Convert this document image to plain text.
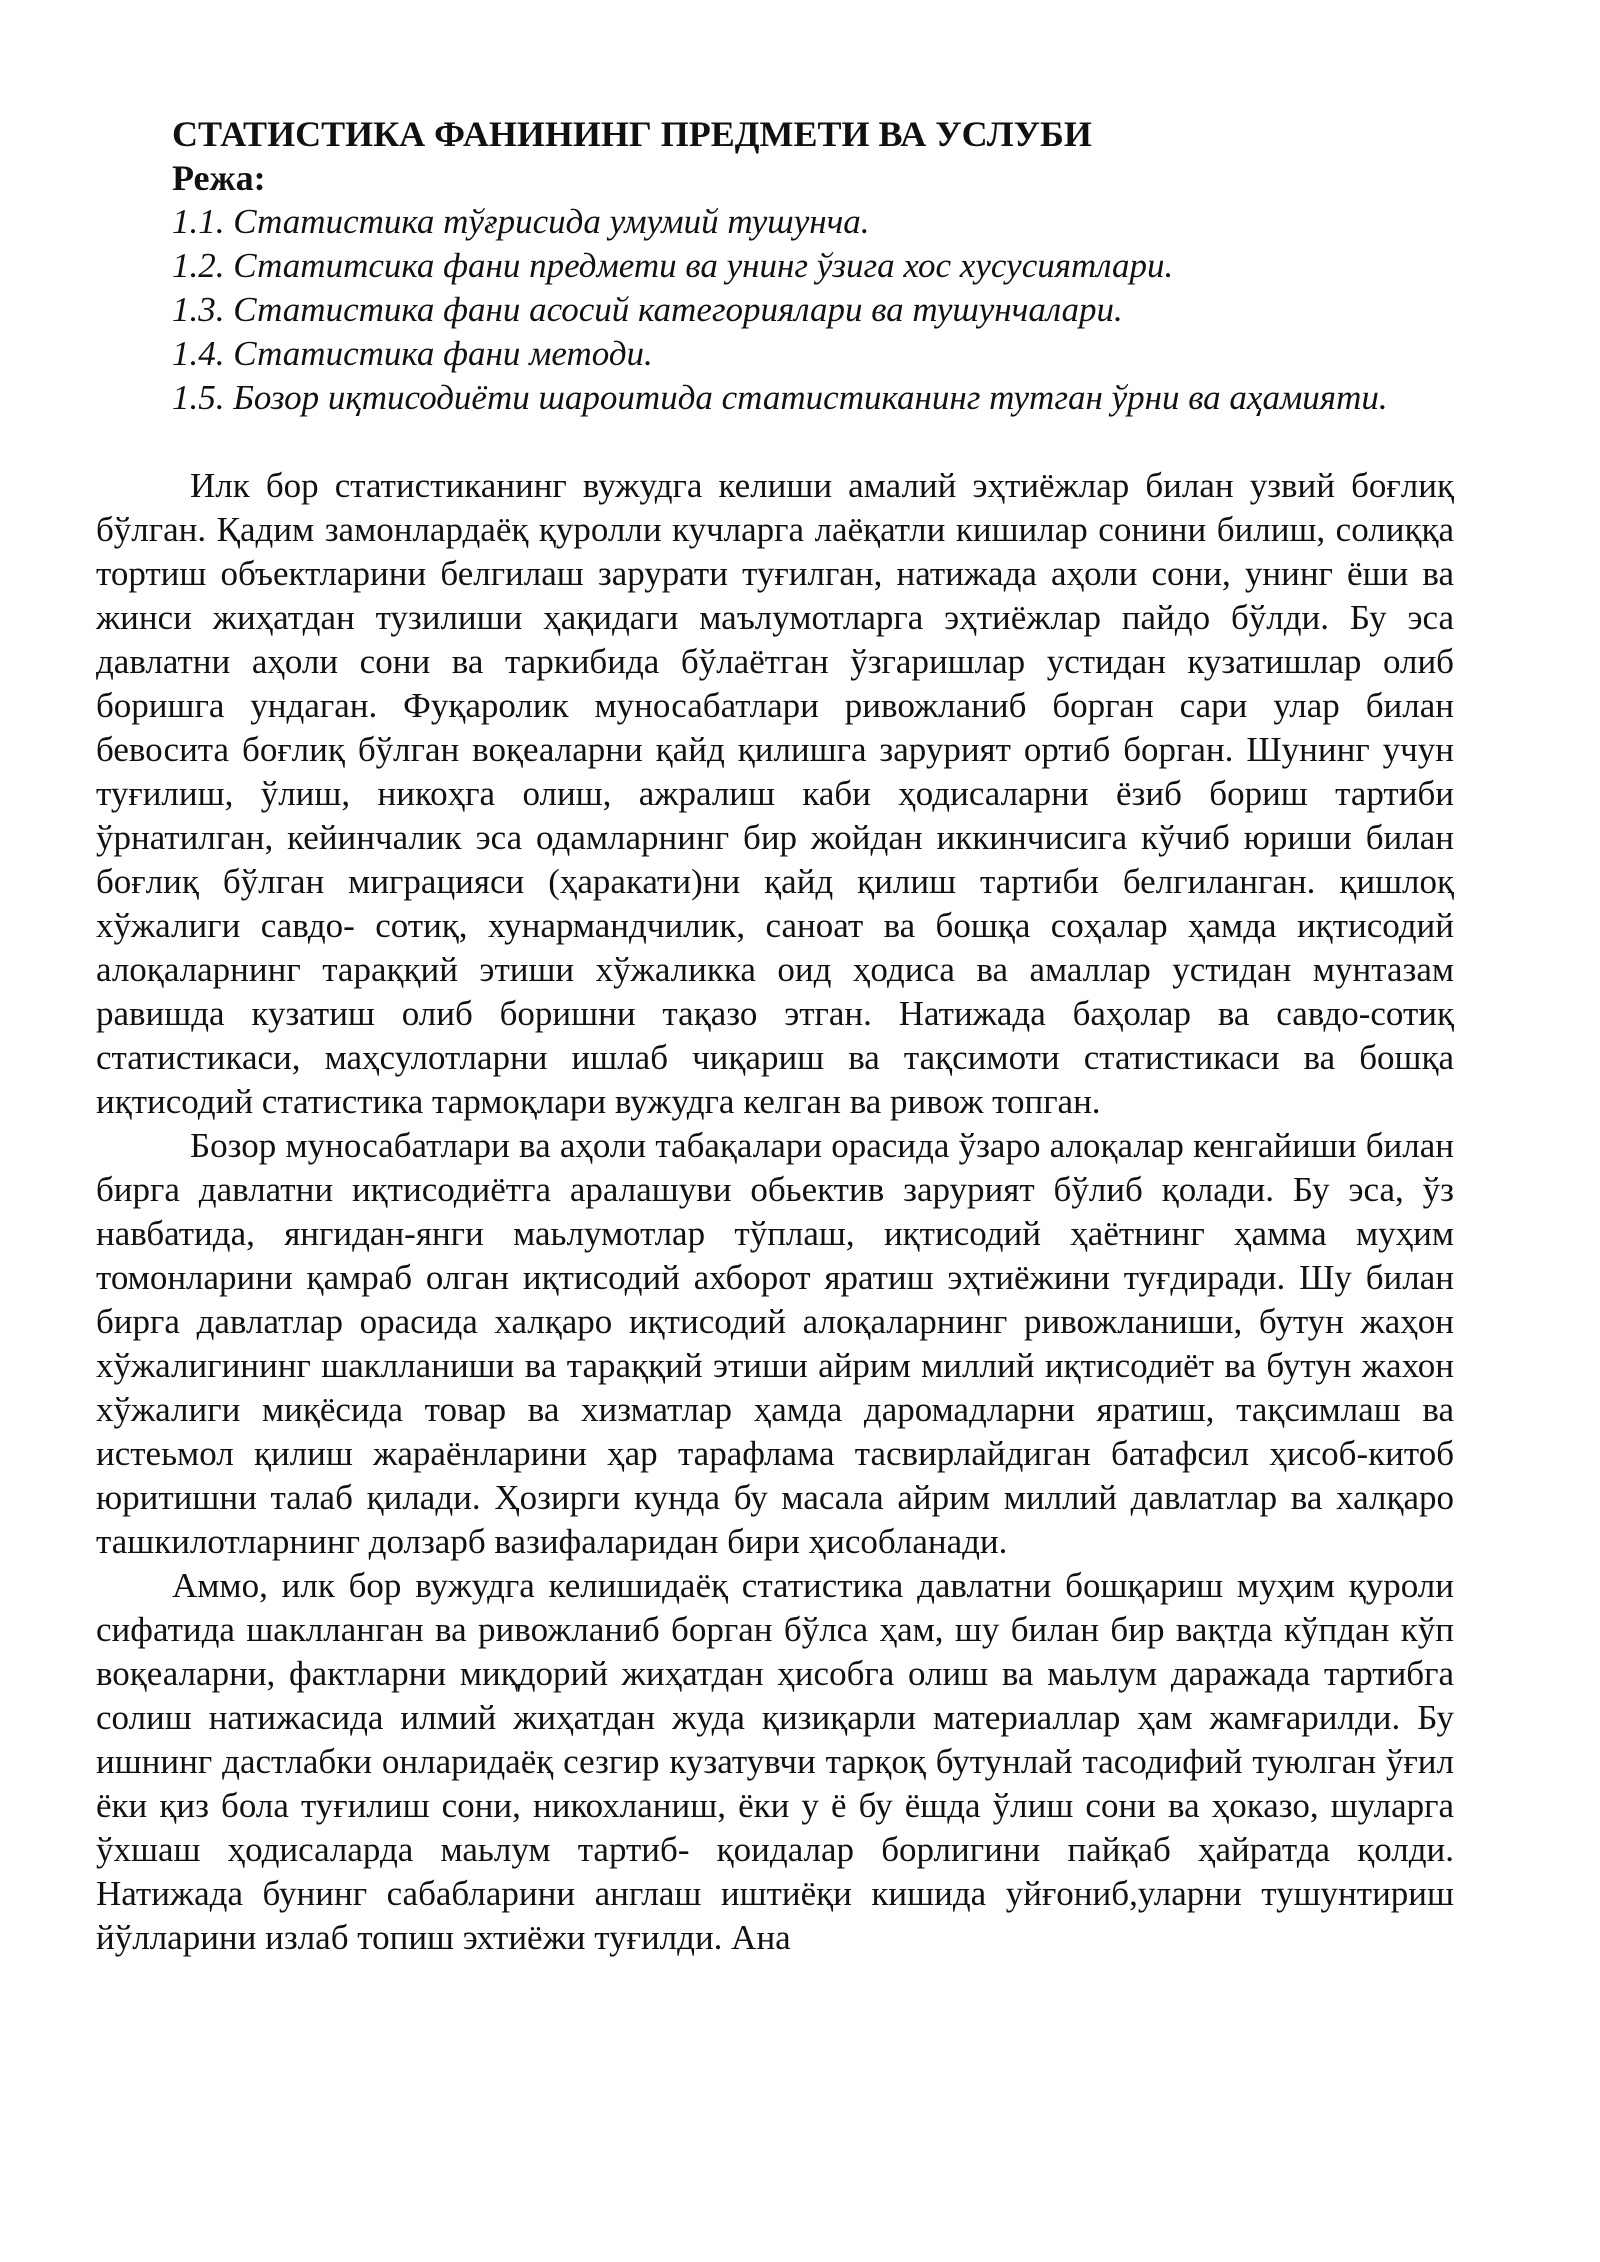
СТАТИСТИКА ФАНИНИНГ ПРЕДМЕТИ ВА УСЛУБИ
Режа:
1.1. Статистика тўғрисида умумий тушунча.
1.2. Статитсика фани предмети ва унинг ўзига хос хусусиятлари.
1.3. Статистика фани асосий категориялари ва тушунчалари.
1.4. Статистика фани методи.
1.5. Бозор иқтисодиёти шароитида статистиканинг тутган ўрни ва аҳамияти.

Илк бор статистиканинг вужудга келиши амалий эҳтиёжлар билан узвий боғлиқ бўлган. Қадим замонлардаёқ қуролли кучларга лаёқатли кишилар сонини билиш, солиққа тортиш объектларини белгилаш зарурати туғилган, натижада аҳоли сони, унинг ёши ва жинси жиҳатдан тузилиши ҳақидаги маълумотларга эҳтиёжлар пайдо бўлди. Бу эса давлатни аҳоли сони ва таркибида бўлаётган ўзгаришлар устидан кузатишлар олиб боришга ундаган. Фуқаролик муносабатлари ривожланиб борган сари улар билан бевосита боғлиқ бўлган воқеаларни қайд қилишга зарурият ортиб борган. Шунинг учун туғилиш, ўлиш, никоҳга олиш, ажралиш каби ҳодисаларни ёзиб бориш тартиби ўрнатилган, кейинчалик эса одамларнинг бир жойдан иккинчисига кўчиб юриши билан боғлиқ бўлган миграцияси (ҳаракати)ни қайд қилиш тартиби белгиланган. қишлоқ хўжалиги савдо- сотиқ, хунармандчилик, саноат ва бошқа соҳалар ҳамда иқтисодий алоқаларнинг тараққий этиши хўжаликка оид ҳодиса ва амаллар устидан мунтазам равишда кузатиш олиб боришни тақазо этган. Натижада баҳолар ва савдо-сотиқ статистикаси, маҳсулотларни ишлаб чиқариш ва тақсимоти статистикаси ва бошқа иқтисодий статистика тармоқлари вужудга келган ва ривож топган.

Бозор муносабатлари ва аҳоли табақалари орасида ўзаро алоқалар кенгайиши билан бирга давлатни иқтисодиётга аралашуви обьектив зарурият бўлиб қолади. Бу эса, ўз навбатида, янгидан-янги маьлумотлар тўплаш, иқтисодий ҳаётнинг ҳамма муҳим томонларини қамраб олган иқтисодий ахборот яратиш эҳтиёжини туғдиради. Шу билан бирга давлатлар орасида халқаро иқтисодий алоқаларнинг ривожланиши, бутун жаҳон хўжалигининг шаклланиши ва тараққий этиши айрим миллий иқтисодиёт ва бутун жахон хўжалиги миқёсида товар ва хизматлар ҳамда даромадларни яратиш, тақсимлаш ва истеьмол қилиш жараёнларини ҳар тарафлама тасвирлайдиган батафсил ҳисоб-китоб юритишни талаб қилади. Ҳозирги кунда бу масала айрим миллий давлатлар ва халқаро ташкилотларнинг долзарб вазифаларидан бири ҳисобланади.

Аммо, илк бор вужудга келишидаёқ статистика давлатни бошқариш муҳим қуроли сифатида шаклланган ва ривожланиб борган бўлса ҳам, шу билан бир вақтда кўпдан кўп воқеаларни, фактларни миқдорий жиҳатдан ҳисобга олиш ва маьлум даражада тартибга солиш натижасида илмий жиҳатдан жуда қизиқарли материаллар ҳам жамғарилди. Бу ишнинг дастлабки онларидаёқ сезгир кузатувчи тарқоқ бутунлай тасодифий туюлган ўғил ёки қиз бола туғилиш сони, никохланиш, ёки у ё бу ёшда ўлиш сони ва ҳоказо, шуларга ўхшаш ҳодисаларда маьлум тартиб- қоидалар борлигини пайқаб ҳайратда қолди. Натижада бунинг сабабларини англаш иштиёқи кишида уйғониб,уларни тушунтириш йўлларини излаб топиш эхтиёжи туғилди. Ана
